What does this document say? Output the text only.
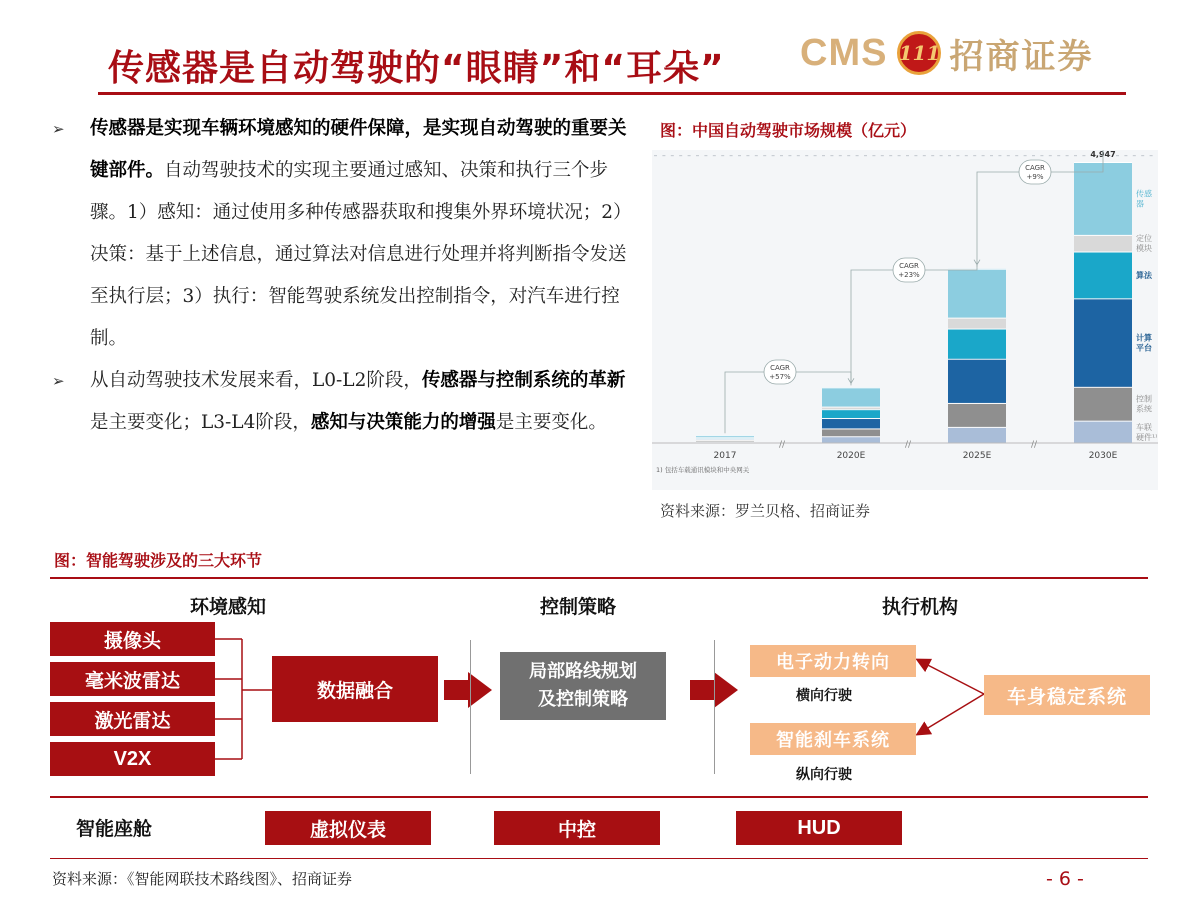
传感器是自动驾驶的“眼睛”和“耳朵” CMS 111 招商证券
➢ 传感器是实现车辆环境感知的硬件保障，是实现自动驾驶的重要关键部件。自动驾驶技术的实现主要通过感知、决策和执行三个步骤。1）感知：通过使用多种传感器获取和搜集外界环境状况；2）决策：基于上述信息，通过算法对信息进行处理并将判断指令发送至执行层；3）执行：智能驾驶系统发出控制指令，对汽车进行控制。
➢ 从自动驾驶技术发展来看，L0-L2阶段，传感器与控制系统的革新是主要变化；L3-L4阶段，感知与决策能力的增强是主要变化。
图：中国自动驾驶市场规模（亿元）
2017	2020E	2025E	2030E
//	//	//
4,947
CAGR
+57%
CAGR
+23%
CAGR
+9%
车联
硬件¹⁾
控制
系统
计算
平台
算法
定位
模块
传感
器
1) 包括车载通讯模块和中央网关
资料来源：罗兰贝格、招商证券
图：智能驾驶涉及的三大环节
环境感知	控制策略	执行机构
摄像头
毫米波雷达
激光雷达
V2X
数据融合
局部路线规划
及控制策略
电子动力转向
横向行驶
智能刹车系统
纵向行驶
车身稳定系统
智能座舱	虚拟仪表	中控	HUD
资料来源：《智能网联技术路线图》、招商证券	- 6 -
